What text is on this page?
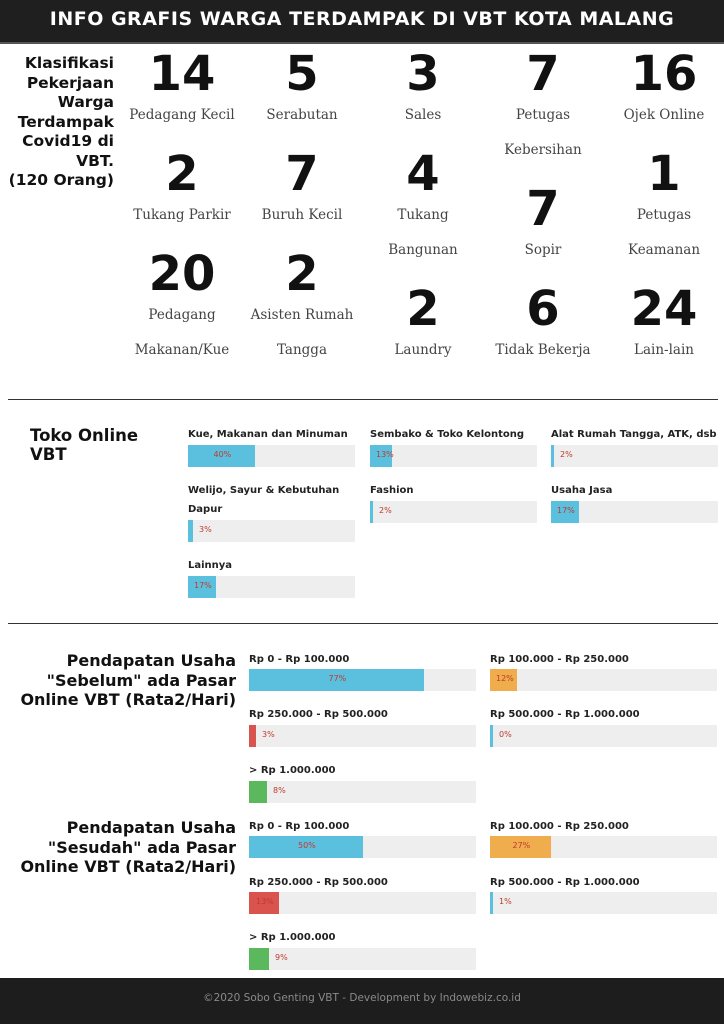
INFO GRAFIS WARGA TERDAMPAK DI VBT KOTA MALANG
Klasifikasi
Pekerjaan
Warga
Terdampak
Covid19 di
VBT.
(120 Orang)
14
Pedagang Kecil
5
Serabutan
3
Sales
7
Petugas
Kebersihan
16
Ojek Online
2
Tukang Parkir
7
Buruh Kecil
4
Tukang
Bangunan
7
Sopir
1
Petugas
Keamanan
20
Pedagang
Makanan/Kue
2
Asisten Rumah
Tangga
2
Laundry
6
Tidak Bekerja
24
Lain-lain
Toko Online VBT
Kue, Makanan dan Minuman
40%
Sembako & Toko Kelontong
13%
Alat Rumah Tangga, ATK, dsb
2%
Welijo, Sayur & Kebutuhan
Dapur
3%
Fashion
2%
Usaha Jasa
17%
Lainnya
17%
Pendapatan Usaha
"Sebelum" ada Pasar
Online VBT (Rata2/Hari)
Rp 0 - Rp 100.000
77%
Rp 100.000 - Rp 250.000
12%
Rp 250.000 - Rp 500.000
3%
Rp 500.000 - Rp 1.000.000
0%
> Rp 1.000.000
8%
Pendapatan Usaha
"Sesudah" ada Pasar
Online VBT (Rata2/Hari)
Rp 0 - Rp 100.000
50%
Rp 100.000 - Rp 250.000
27%
Rp 250.000 - Rp 500.000
13%
Rp 500.000 - Rp 1.000.000
1%
> Rp 1.000.000
9%
©2020 Sobo Genting VBT - Development by Indowebiz.co.id
